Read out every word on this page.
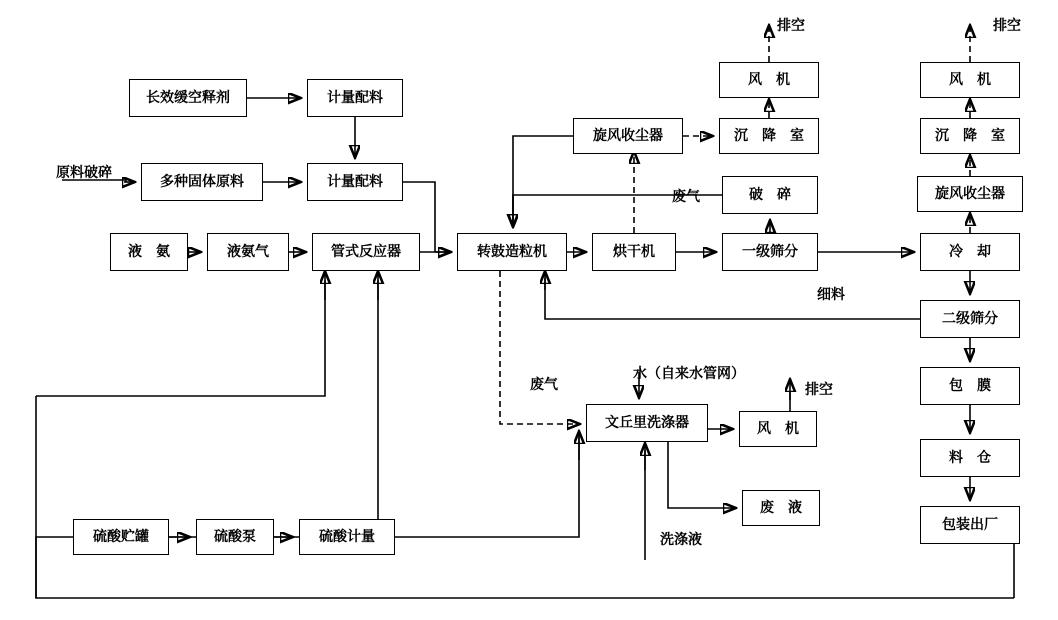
长效缓空释剂	计量配料
多种固体原料	计量配料
液　氨	液氨气	管式反应器	转鼓造粒机	烘干机	一级筛分
破　碎
旋风收尘器	沉　降　室
风　机	风　机
沉　降　室
旋风收尘器
冷　却
二级筛分
包　膜
料　仓
包装出厂
文丘里洗涤器	风　机
废　液
硫酸贮罐	硫酸泵	硫酸计量
排空	排空
原料破碎
废气
细料
废气
水（自来水管网）
排空
洗涤液
